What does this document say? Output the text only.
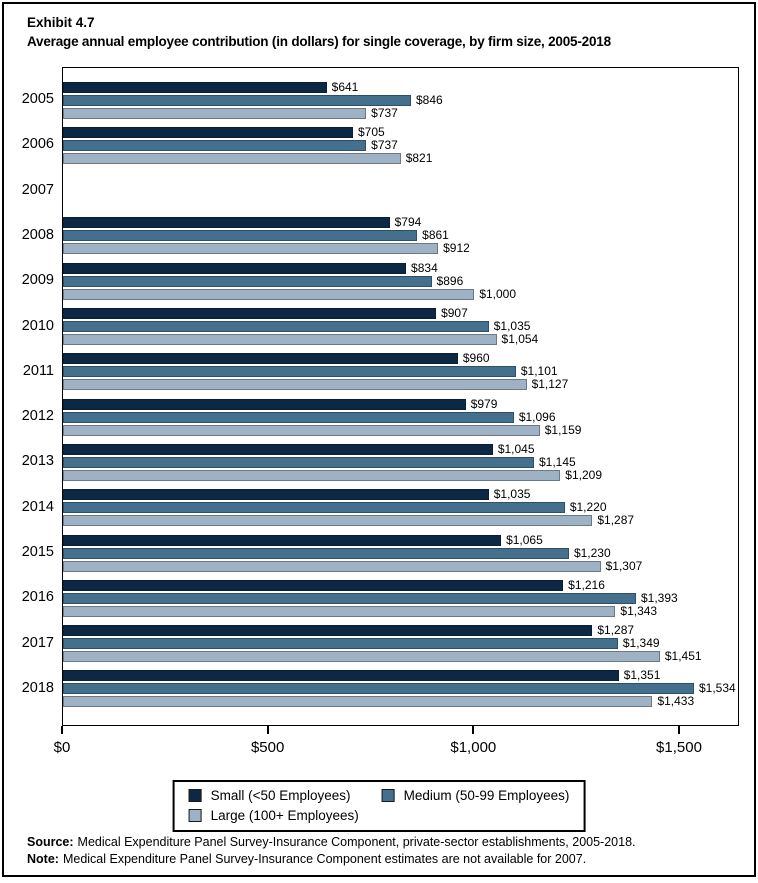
Exhibit 4.7
Average annual employee contribution (in dollars) for single coverage, by firm size, 2005-2018
$641
$846
$737
$705
$737
$821
$794
$861
$912
$834
$896
$1,000
$907
$1,035
$1,054
$960
$1,101
$1,127
$979
$1,096
$1,159
$1,045
$1,145
$1,209
$1,035
$1,220
$1,287
$1,065
$1,230
$1,307
$1,216
$1,393
$1,343
$1,287
$1,349
$1,451
$1,351
$1,534
$1,433
2005
2006
2007
2008
2009
2010
2011
2012
2013
2014
2015
2016
2017
2018
$0	$500	$1,000	$1,500
Small (<50 Employees)	Medium (50-99 Employees)
Large (100+ Employees)
Source: Medical Expenditure Panel Survey-Insurance Component, private-sector establishments, 2005-2018.
Note: Medical Expenditure Panel Survey-Insurance Component estimates are not available for 2007.
